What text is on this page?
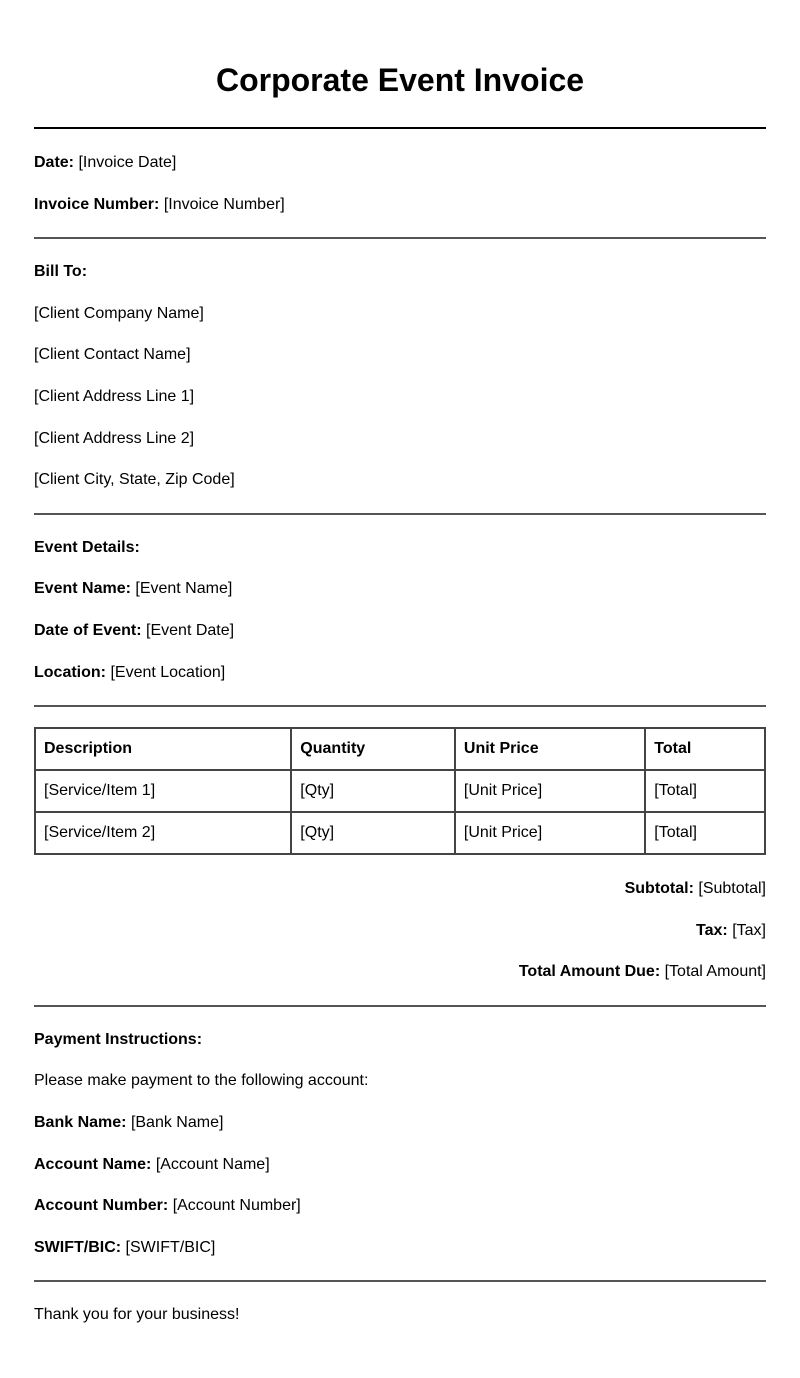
Corporate Event Invoice
Date: [Invoice Date]
Invoice Number: [Invoice Number]
Bill To:
[Client Company Name]
[Client Contact Name]
[Client Address Line 1]
[Client Address Line 2]
[Client City, State, Zip Code]
Event Details:
Event Name: [Event Name]
Date of Event: [Event Date]
Location: [Event Location]
Description	Quantity	Unit Price	Total
[Service/Item 1]	[Qty]	[Unit Price]	[Total]
[Service/Item 2]	[Qty]	[Unit Price]	[Total]
Subtotal: [Subtotal]
Tax: [Tax]
Total Amount Due: [Total Amount]
Payment Instructions:
Please make payment to the following account:
Bank Name: [Bank Name]
Account Name: [Account Name]
Account Number: [Account Number]
SWIFT/BIC: [SWIFT/BIC]
Thank you for your business!
